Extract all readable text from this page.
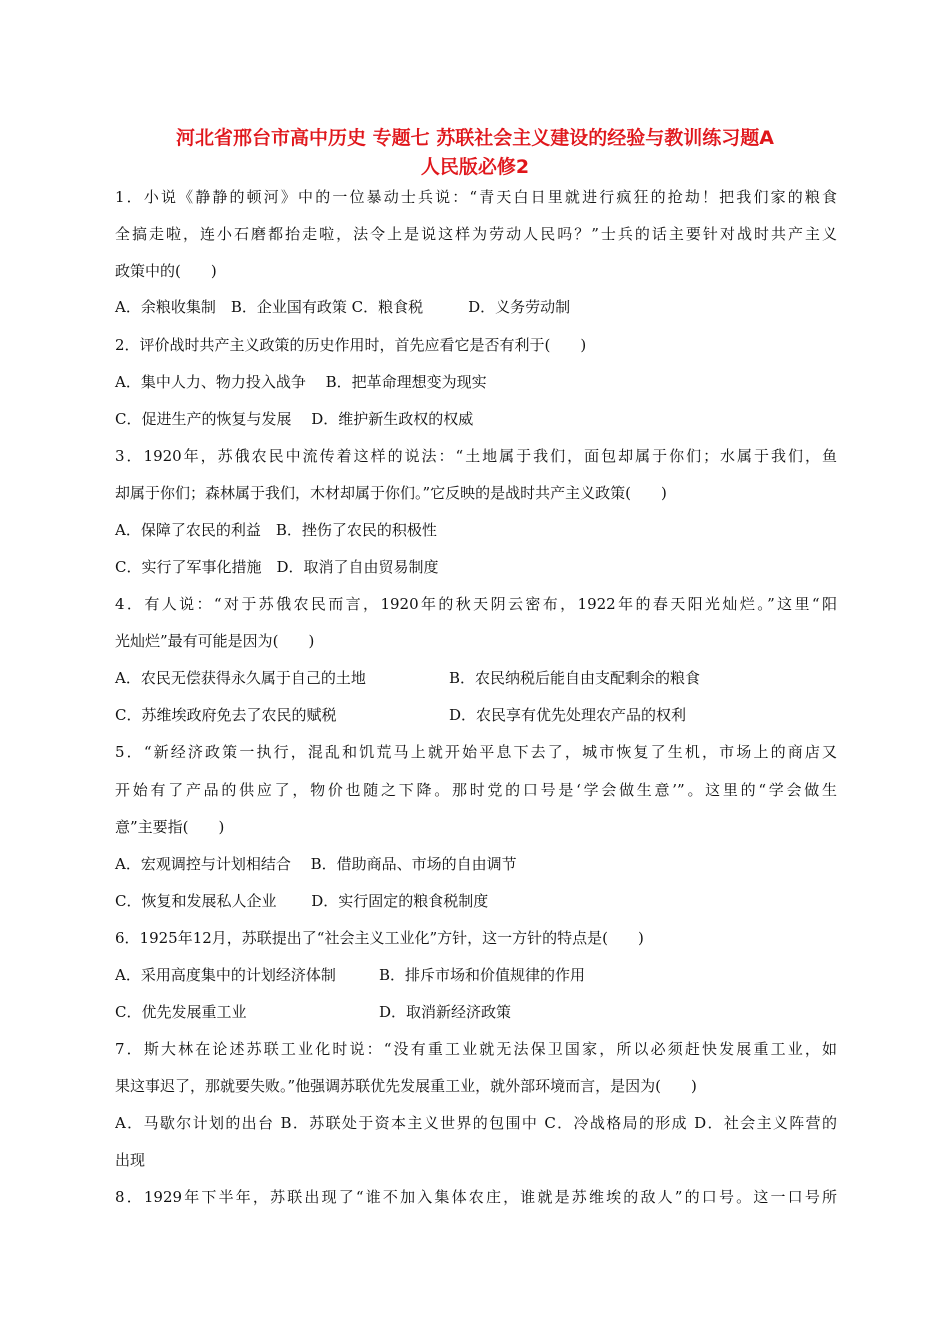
河北省邢台市高中历史 专题七 苏联社会主义建设的经验与教训练习题A
人民版必修2
1．小说《静静的顿河》中的一位暴动士兵说：“青天白日里就进行疯狂的抢劫！把我们家的粮食
全搞走啦，连小石磨都抬走啦，法令上是说这样为劳动人民吗？”士兵的话主要针对战时共产主义
政策中的(　　)
A．余粮收集制　B．企业国有政策 C．粮食税　　　D．义务劳动制
2．评价战时共产主义政策的历史作用时，首先应看它是否有利于(　　)
A．集中人力、物力投入战争　 B．把革命理想变为现实
C．促进生产的恢复与发展　 D．维护新生政权的权威
3．1920年，苏俄农民中流传着这样的说法：“土地属于我们，面包却属于你们；水属于我们，鱼
却属于你们；森林属于我们，木材却属于你们。”它反映的是战时共产主义政策(　　)
A．保障了农民的利益　B．挫伤了农民的积极性
C．实行了军事化措施　D．取消了自由贸易制度
4．有人说：“对于苏俄农民而言，1920年的秋天阴云密布，1922年的春天阳光灿烂。”这里“阳
光灿烂”最有可能是因为(　　)
A．农民无偿获得永久属于自己的土地	B．农民纳税后能自由支配剩余的粮食
C．苏维埃政府免去了农民的赋税	D．农民享有优先处理农产品的权利
5．“新经济政策一执行，混乱和饥荒马上就开始平息下去了，城市恢复了生机，市场上的商店又
开始有了产品的供应了，物价也随之下降。那时党的口号是‘学会做生意’”。这里的“学会做生
意”主要指(　　)
A．宏观调控与计划相结合　 B．借助商品、市场的自由调节
C．恢复和发展私人企业　　 D．实行固定的粮食税制度
6．1925年12月，苏联提出了“社会主义工业化”方针，这一方针的特点是(　　)
A．采用高度集中的计划经济体制	B．排斥市场和价值规律的作用
C．优先发展重工业	D．取消新经济政策
7．斯大林在论述苏联工业化时说：“没有重工业就无法保卫国家，所以必须赶快发展重工业，如
果这事迟了，那就要失败。”他强调苏联优先发展重工业，就外部环境而言，是因为(　　)
A．马歇尔计划的出台 B．苏联处于资本主义世界的包围中 C．冷战格局的形成 D．社会主义阵营的
出现
8．1929年下半年，苏联出现了“谁不加入集体农庄，谁就是苏维埃的敌人”的口号。这一口号所
